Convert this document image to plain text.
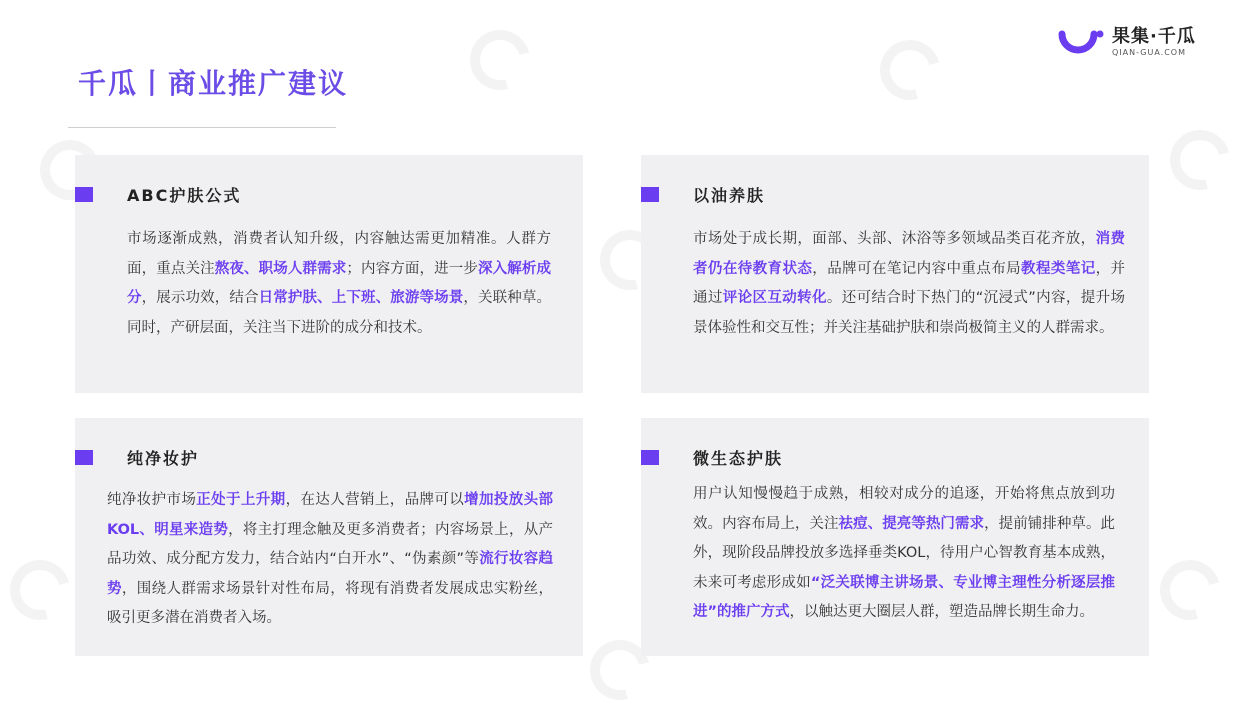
千瓜丨商业推广建议
果集·千瓜
QIAN-GUA.COM
ABC护肤公式

市场逐渐成熟，消费者认知升级，内容触达需更加精准。人群方面，重点关注熬夜、职场人群需求；内容方面，进一步深入解析成分，展示功效，结合日常护肤、上下班、旅游等场景，关联种草。同时，产研层面，关注当下进阶的成分和技术。

以油养肤

市场处于成长期，面部、头部、沐浴等多领域品类百花齐放，消费者仍在待教育状态，品牌可在笔记内容中重点布局教程类笔记，并通过评论区互动转化。还可结合时下热门的“沉浸式”内容，提升场景体验性和交互性；并关注基础护肤和崇尚极简主义的人群需求。

纯净妆护

纯净妆护市场正处于上升期，在达人营销上，品牌可以增加投放头部KOL、明星来造势，将主打理念触及更多消费者；内容场景上，从产品功效、成分配方发力，结合站内“白开水”、“伪素颜”等流行妆容趋势，围绕人群需求场景针对性布局，将现有消费者发展成忠实粉丝，吸引更多潜在消费者入场。

微生态护肤

用户认知慢慢趋于成熟，相较对成分的追逐，开始将焦点放到功效。内容布局上，关注祛痘、提亮等热门需求，提前铺排种草。此外，现阶段品牌投放多选择垂类KOL，待用户心智教育基本成熟，未来可考虑形成如“泛关联博主讲场景、专业博主理性分析逐层推进”的推广方式，以触达更大圈层人群，塑造品牌长期生命力。
